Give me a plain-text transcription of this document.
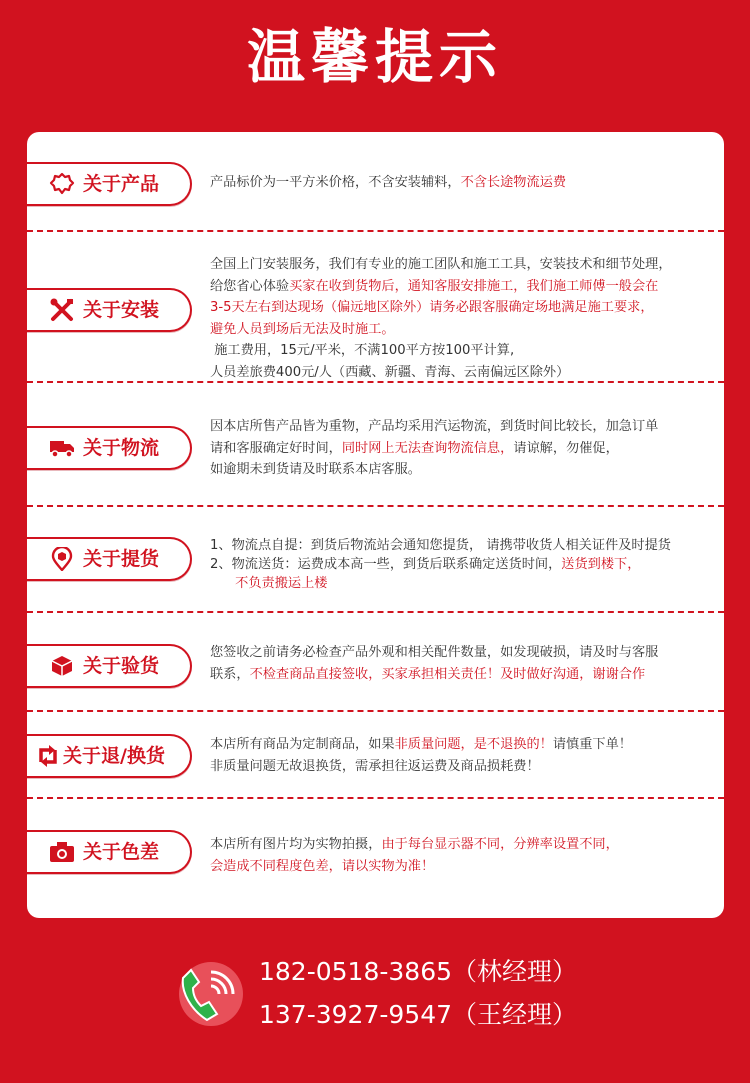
温馨提示
关于产品	产品标价为一平方米价格，不含安装辅料，不含长途物流运费
关于安装
全国上门安装服务，我们有专业的施工团队和施工工具，安装技术和细节处理，
给您省心体验买家在收到货物后，通知客服安排施工，我们施工师傅一般会在
3-5天左右到达现场（偏远地区除外）请务必跟客服确定场地满足施工要求，
避免人员到场后无法及时施工。
施工费用，15元/平米，不满100平方按100平计算,
人员差旅费400元/人（西藏、新疆、青海、云南偏远区除外）
关于物流
因本店所售产品皆为重物，产品均采用汽运物流，到货时间比较长，加急订单
请和客服确定好时间，同时网上无法查询物流信息，请谅解，勿催促，
如逾期未到货请及时联系本店客服。
关于提货
1、物流点自提：到货后物流站会通知您提货， 请携带收货人相关证件及时提货
2、物流送货：运费成本高一些，到货后联系确定送货时间，送货到楼下，
不负责搬运上楼
关于验货
您签收之前请务必检查产品外观和相关配件数量，如发现破损，请及时与客服
联系，不检查商品直接签收，买家承担相关责任！及时做好沟通，谢谢合作
关于退/换货
本店所有商品为定制商品，如果非质量问题，是不退换的！请慎重下单！
非质量问题无故退换货，需承担往返运费及商品损耗费！
关于色差	本店所有图片均为实物拍摄，由于每台显示器不同，分辨率设置不同，
会造成不同程度色差，请以实物为准！
182-0518-3865（林经理）
137-3927-9547（王经理）
